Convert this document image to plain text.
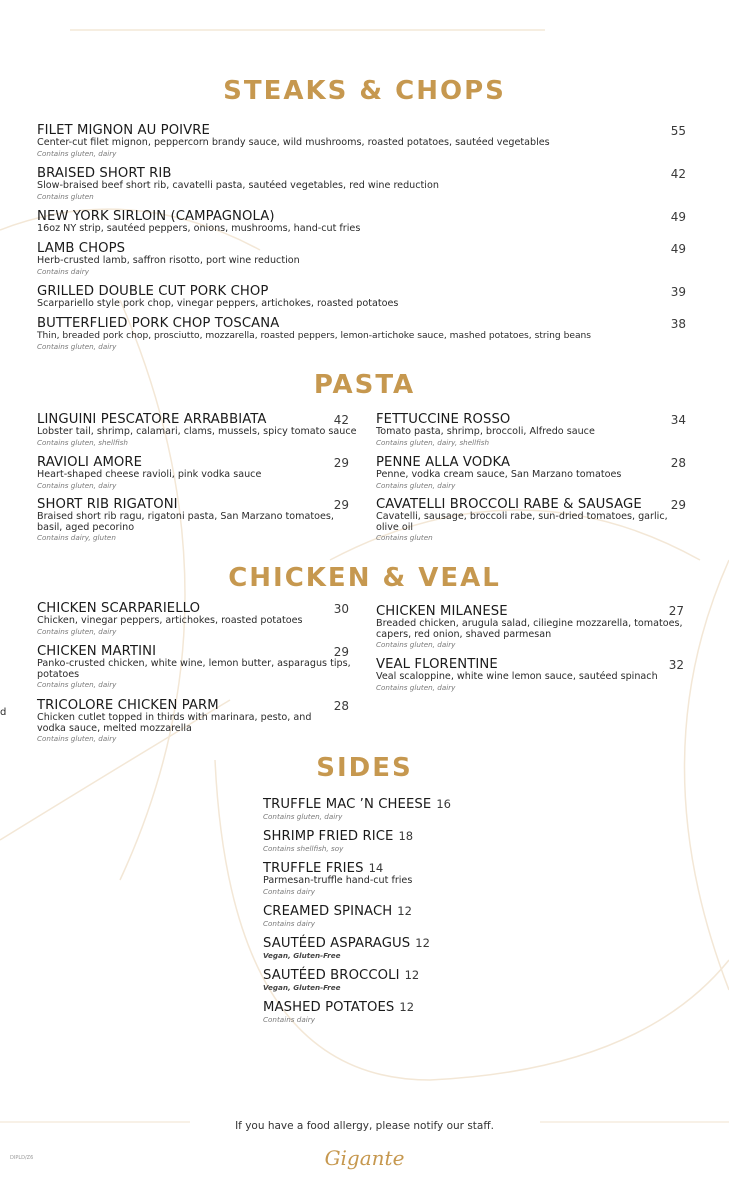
STEAKS & CHOPS
PASTA
CHICKEN & VEAL
SIDES
FILET MIGNON AU POIVRE
Center-cut filet mignon, peppercorn brandy sauce, wild mushrooms, roasted potatoes, sautéed vegetables
Contains gluten, dairy
55
BRAISED SHORT RIB
Slow-braised beef short rib, cavatelli pasta, sautéed vegetables, red wine reduction
Contains gluten
42
NEW YORK SIRLOIN (CAMPAGNOLA)
16oz NY strip, sautéed peppers, onions, mushrooms, hand-cut fries
49
LAMB CHOPS
Herb-crusted lamb, saffron risotto, port wine reduction
Contains dairy
49
GRILLED DOUBLE CUT PORK CHOP
Scarpariello style pork chop, vinegar peppers, artichokes, roasted potatoes
39
BUTTERFLIED PORK CHOP TOSCANA
Thin, breaded pork chop, prosciutto, mozzarella, roasted peppers, lemon-artichoke sauce, mashed potatoes, string beans
Contains gluten, dairy
38
LINGUINI PESCATORE ARRABBIATA
Lobster tail, shrimp, calamari, clams, mussels, spicy tomato sauce
Contains gluten, shellfish
42
RAVIOLI AMORE
Heart-shaped cheese ravioli, pink vodka sauce
Contains gluten, dairy
29
SHORT RIB RIGATONI
Braised short rib ragu, rigatoni pasta, San Marzano tomatoes, basil, aged pecorino
Contains dairy, gluten
29
FETTUCCINE ROSSO
Tomato pasta, shrimp, broccoli, Alfredo sauce
Contains gluten, dairy, shellfish
34
PENNE ALLA VODKA
Penne, vodka cream sauce, San Marzano tomatoes
Contains gluten, dairy
28
CAVATELLI BROCCOLI RABE & SAUSAGE
Cavatelli, sausage, broccoli rabe, sun-dried tomatoes, garlic, olive oil
Contains gluten
29
CHICKEN SCARPARIELLO
Chicken, vinegar peppers, artichokes, roasted potatoes
Contains gluten, dairy
30
CHICKEN MARTINI
Panko-crusted chicken, white wine, lemon butter, asparagus tips, potatoes
Contains gluten, dairy
29
TRICOLORE CHICKEN PARM
Chicken cutlet topped in thirds with marinara, pesto, and vodka sauce, melted mozzarella
Contains gluten, dairy
28
CHICKEN MILANESE
Breaded chicken, arugula salad, ciliegine mozzarella, tomatoes, capers, red onion, shaved parmesan
Contains gluten, dairy
27
VEAL FLORENTINE
Veal scaloppine, white wine lemon sauce, sautéed spinach
Contains gluten, dairy
32
TRUFFLE MAC ’N CHEESE 16
Contains gluten, dairy
SHRIMP FRIED RICE 18
Contains shellfish, soy
TRUFFLE FRIES 14
Parmesan-truffle hand-cut fries
Contains dairy
CREAMED SPINACH 12
Contains dairy
SAUTÉED ASPARAGUS 12
Vegan, Gluten-Free
SAUTÉED BROCCOLI 12
Vegan, Gluten-Free
MASHED POTATOES 12
Contains dairy
d
If you have a food allergy, please notify our staff.
Gigante
DIPLD/Z6
